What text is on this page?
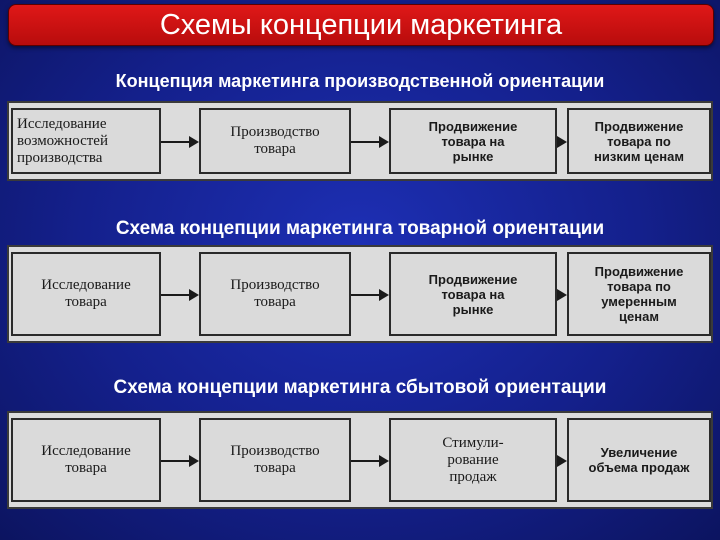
Схемы концепции маркетинга
Концепция маркетинга производственной ориентации
Исследование
возможностей
производства
Производство
товара
Продвижение
товара на
рынке
Продвижение
товара по
низким ценам
Схема концепции маркетинга товарной ориентации
Исследование
товара
Производство
товара
Продвижение
товара на
рынке
Продвижение
товара по
умеренным
ценам
Схема концепции маркетинга сбытовой ориентации
Исследование
товара
Производство
товара
Стимули-
рование
продаж
Увеличение
объема продаж
